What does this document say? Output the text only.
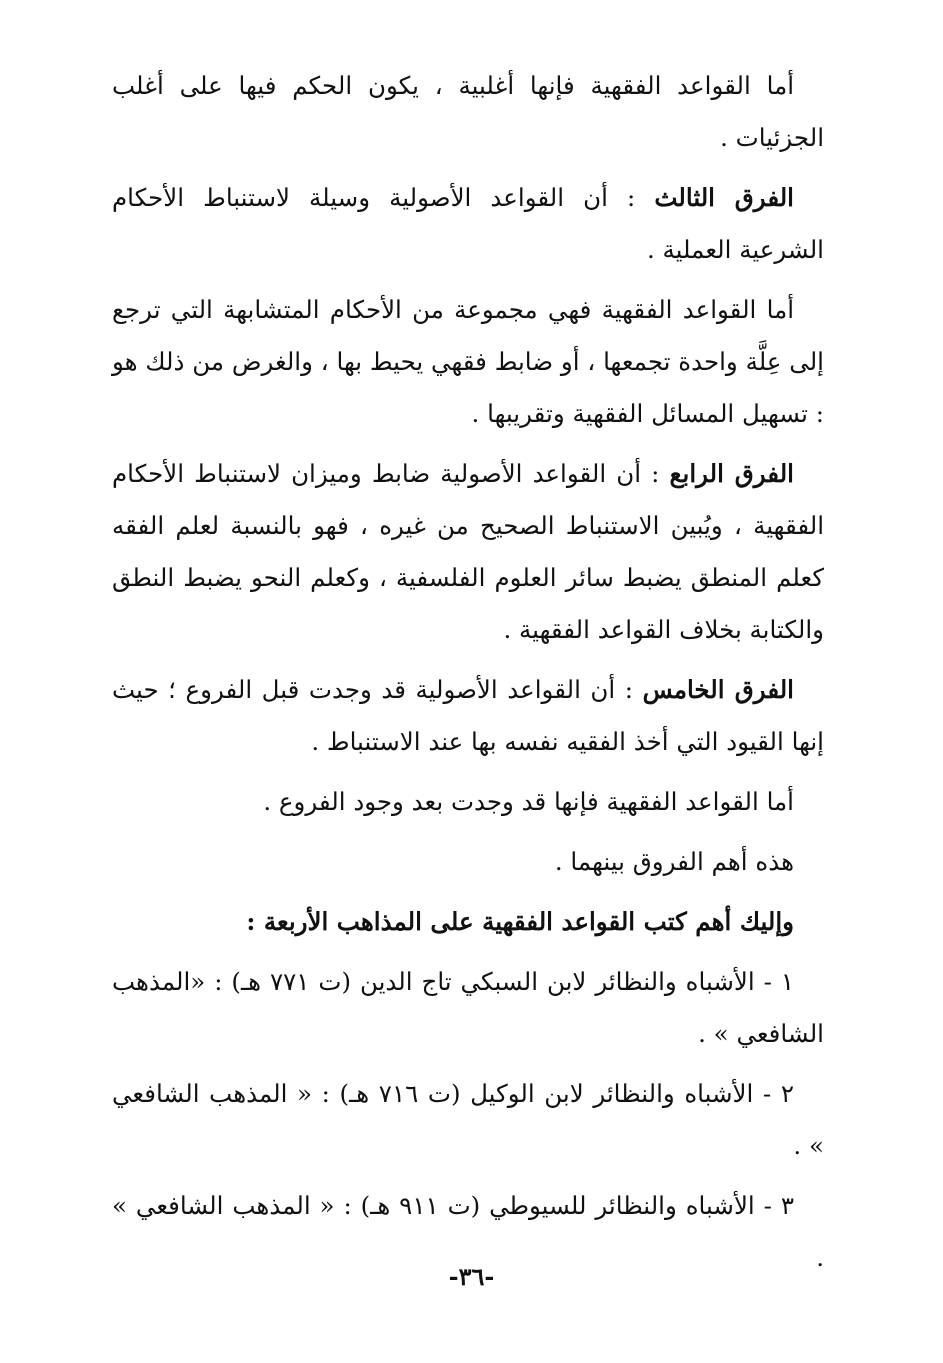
أما القواعد الفقهية فإنها أغلبية ، يكون الحكم فيها على أغلب الجزئيات .

الفرق الثالث : أن القواعد الأصولية وسيلة لاستنباط الأحكام الشرعية العملية .

أما القواعد الفقهية فهي مجموعة من الأحكام المتشابهة التي ترجع إلى عِلَّة واحدة تجمعها ، أو ضابط فقهي يحيط بها ، والغرض من ذلك هو : تسهيل المسائل الفقهية وتقريبها .

الفرق الرابع : أن القواعد الأصولية ضابط وميزان لاستنباط الأحكام الفقهية ، ويُبين الاستنباط الصحيح من غيره ، فهو بالنسبة لعلم الفقه كعلم المنطق يضبط سائر العلوم الفلسفية ، وكعلم النحو يضبط النطق والكتابة بخلاف القواعد الفقهية .

الفرق الخامس : أن القواعد الأصولية قد وجدت قبل الفروع ؛ حيث إنها القيود التي أخذ الفقيه نفسه بها عند الاستنباط .

أما القواعد الفقهية فإنها قد وجدت بعد وجود الفروع .

هذه أهم الفروق بينهما .

وإليك أهم كتب القواعد الفقهية على المذاهب الأربعة :

١ - الأشباه والنظائر لابن السبكي تاج الدين (ت ٧٧١ هـ) : «المذهب الشافعي » .

٢ - الأشباه والنظائر لابن الوكيل (ت ٧١٦ هـ) : « المذهب الشافعي » .

٣ - الأشباه والنظائر للسيوطي (ت ٩١١ هـ) : « المذهب الشافعي » .

-٣٦-
